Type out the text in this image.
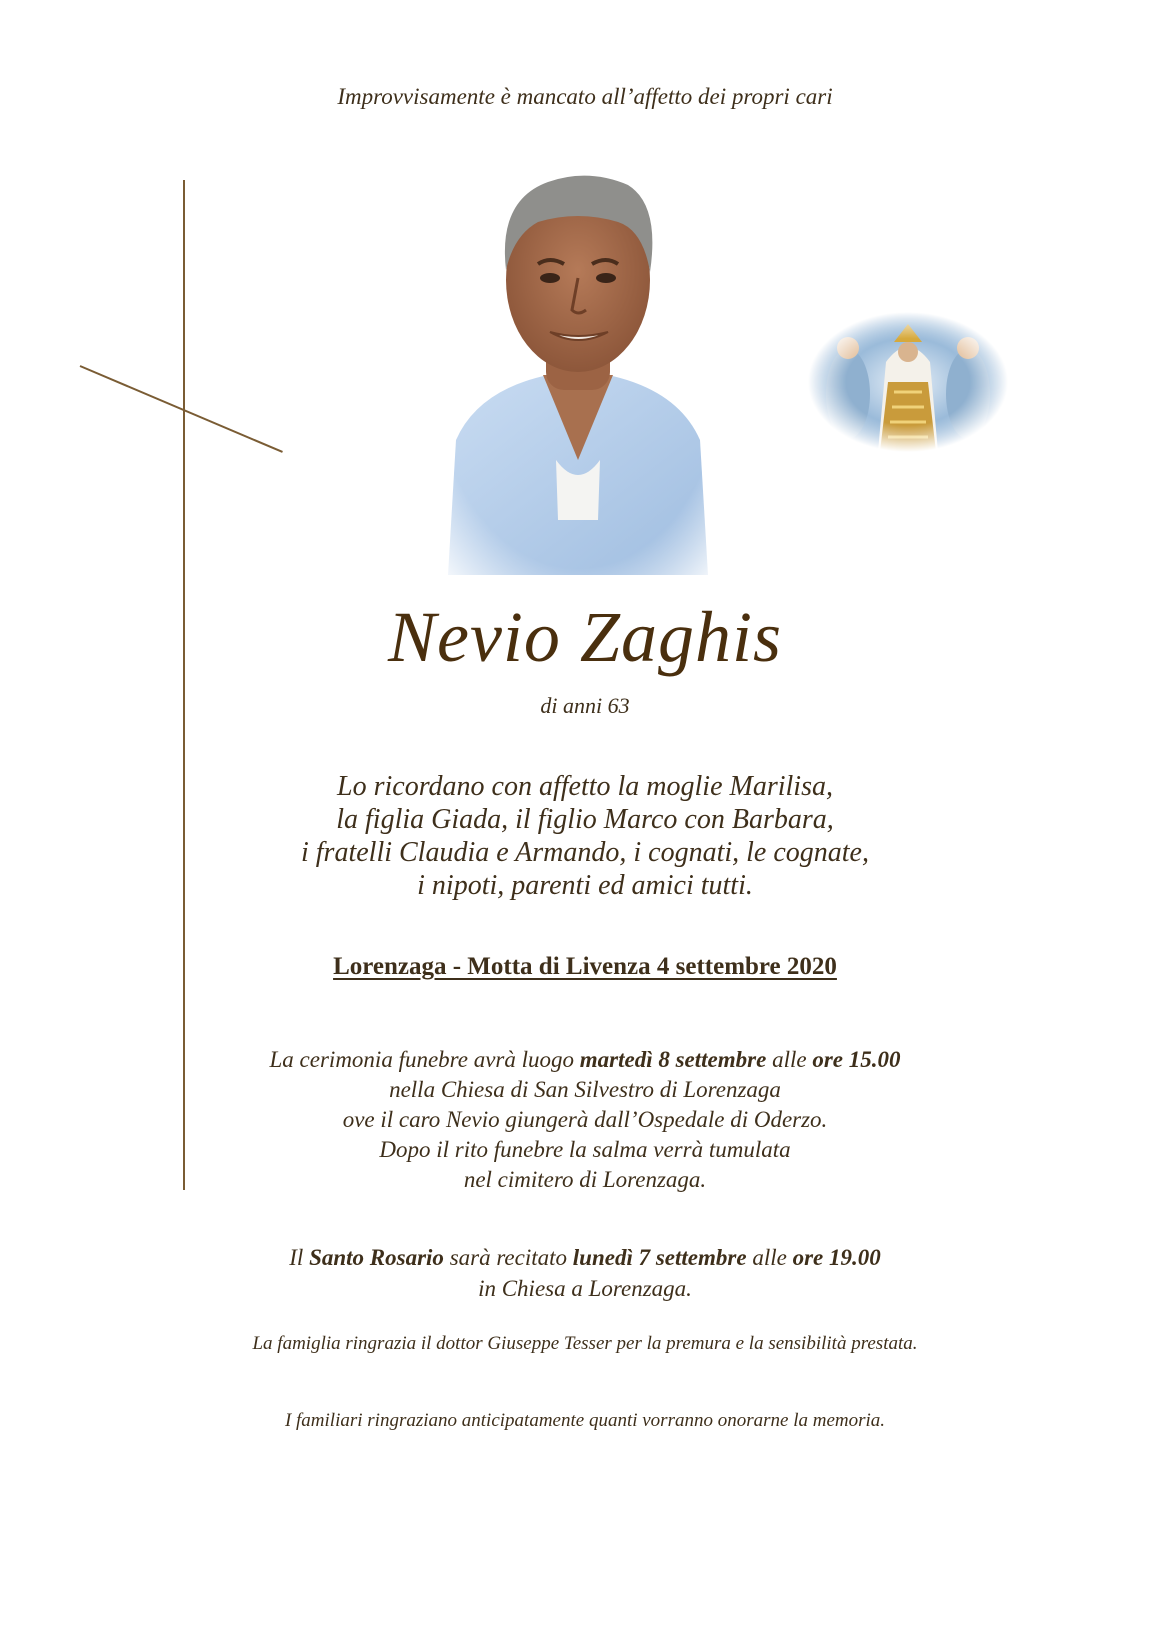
Improvvisamente è mancato all’affetto dei propri cari
Nevio Zaghis
di anni 63
Lo ricordano con affetto la moglie Marilisa,
la figlia Giada, il figlio Marco con Barbara,
i fratelli Claudia e Armando, i cognati, le cognate,
i nipoti, parenti ed amici tutti.
Lorenzaga - Motta di Livenza 4 settembre 2020
La cerimonia funebre avrà luogo martedì 8 settembre alle ore 15.00
nella Chiesa di San Silvestro di Lorenzaga
ove il caro Nevio giungerà dall’Ospedale di Oderzo.
Dopo il rito funebre la salma verrà tumulata
nel cimitero di Lorenzaga.
Il Santo Rosario sarà recitato lunedì 7 settembre alle ore 19.00
in Chiesa a Lorenzaga.
La famiglia ringrazia il dottor Giuseppe Tesser per la premura e la sensibilità prestata.
I familiari ringraziano anticipatamente quanti vorranno onorarne la memoria.
